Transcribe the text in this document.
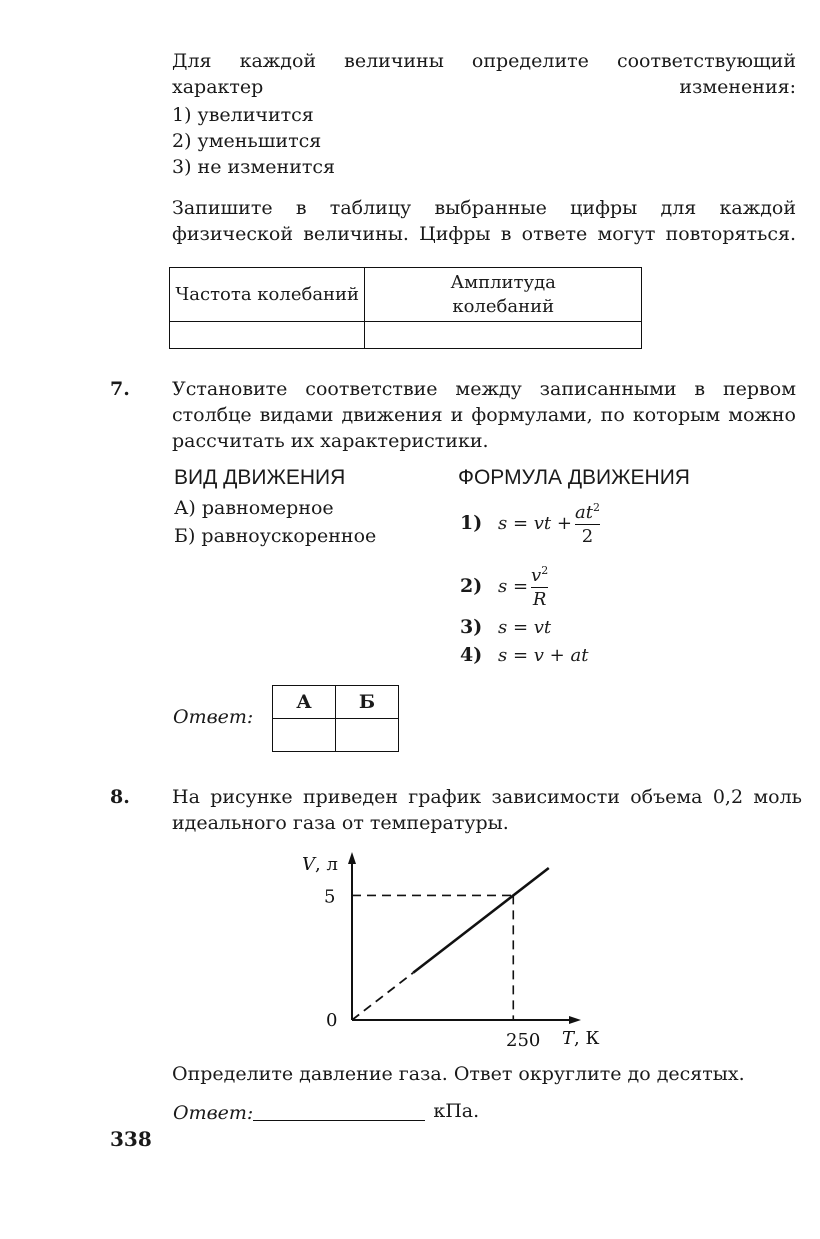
Для каждой величины определите соответствующий характер изменения:
1) увеличится
2) уменьшится
3) не изменится
Запишите в таблицу выбранные цифры для каждой физической величины. Цифры в ответе могут повторяться.
Частота колебаний	Амплитуда колебаний

7. Установите соответствие между записанными в первом столбце видами движения и формулами, по которым можно рассчитать их характеристики.
ВИД ДВИЖЕНИЯ	ФОРМУЛА ДВИЖЕНИЯ
А) равномерное
Б) равноускоренное
1) s = vt + $\frac{at^2}{2}$
2) $s = \frac{v^2}{R}$
3) s = vt
4) s = v + at
Ответ:
А	Б

8. На рисунке приведен график зависимости объема 0,2 моль идеального газа от температуры.
V, л
T, К
5
250
0
Определите давление газа. Ответ округлите до десятых.
Ответ:	кПа.
338
